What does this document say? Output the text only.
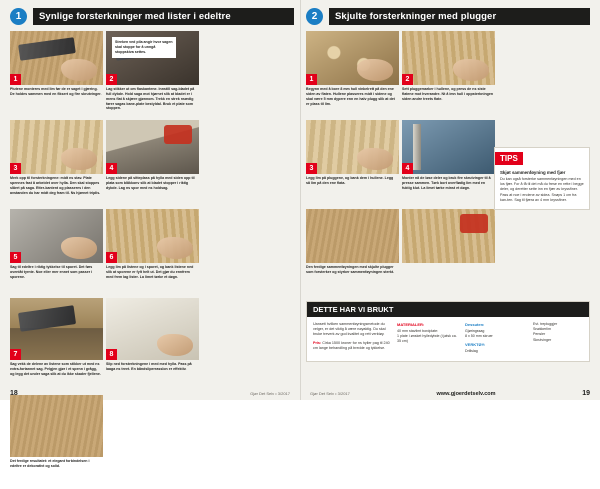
1	Synlige forsterkninger med lister i edeltre
1
Plutene monteres med lim før de er saget i gjæring. De holdes sammen med en fiksert og fire skrutvinger.
Streken ved pila angir hvor sagen skal stoppe for å unngå stoppskiva settes.
2
Lag stikker ut om flaskantene. Innstill sag-bladet på full dybde. Hold saga mot hjørnet slik at bladet er i mens flat å skjære gjønnom. Trekk en strek nsædig fører sagas bane-plate bestyldal. Bruk et plate som stoppen.
3
Merk opp til forsterkningene: midt ns stav. Plate spennes fast å arbeidet over hylla. Den skal stoppes slåert på saga. Etter-kantent og plasseres i den avstanden du har midt deg fram til. Ns hjørnet triplis.
4
Legg sidene på sitteplass på hylla med siden opp til plata som blåkkonv slik at bladet stopper i riktig dybde. Lag ns spor med ns holdsag.
5
Sag til edeltre i riktig tykkelse til sporet. Det førs oventåt tyrnte. Noe eller mer ennet som passer i sporene.
6
Legg lim på listene og i sporet, og bank listene ned slik at sporene er fylt helt ut. Det gjør du ennfrem med frem lag lister. La limet tørke et døgn.
7
Sag vekk de delene av listene som stikker ut med ns extra-fortannet sag. Pelgjen gjør i et spenn i grågg, og legg det under saga slik at du ikke skader fjellene.
8
Slip ned forsterkningene i med med hylla. Pass på laaga ns treet. En båndsliperrasslon er effektiv.
Det ferdige resultatet: et elegant forbindelsen i edeltre er dekorativt og solid.
18	Gjør Det Selv • 3/2017
2	Skjulte forsterkninger med plugger
1
Begynn med å bore 8 mm hull vinkelrett på den ene siden av flaten. Hullene plasseres midt i sidene og skal være 5 mm dypere enn en halv plugg slik at det er plass til lim.
2
Sett pluggemarker i hullene, og press de ns siste flatene mot hverandre. Nt å imn hull i oppsterkningen siden andre treets flate.
3
Legg lim på pluggene, og bank dem i hullene. Legg så lim på den ene flata.
4
Monter nå de løse deler og bruk fire skrutvinger til å presse sammen. Tørk bort overflødig lim med en fuktig klut. La limet tørke minst et døgn.
Den ferdige sammenføyningen med skjulte plugger som forsterker og styrker sammenføyningen sterkt.
TIPS
Skjøt sammenføyning med fjær
Du kan også forsterke sammenføyningen med en los fjær. For å få til det må du frese en rette i begge deler, og deretter sette inn en fjær av kryssfiner. Pass at noe i endene av sidea. Snøps 1 cm fra kan-ten. Sag til fjæra av 4 mm kryssfiner.
DETTE HAR VI BRUKT
Uansett hvilken sammenføyningsmetode du velger, er det viktig å være nøyaktig. Du skal bruke treverk av god kvalitet og rett verktøy.
Pris: Cirka 1500 kroner for ns hyller pag til 240 cm lange behandling på bredde og tykkelse.
MATERIALER:
40 mm stavlimt bordplate:
1 plate i ønsket hylledybde (i jølsk ca. 35 cm)
Dessuten:
Gjøringssag
8 x 50 mm skruer
VERKTØY:
Drillslag
Evt. trepluggjer
Snøkkerlim
Pensler
Skrutvinger
Gjør Det Selv • 3/2017	www.gjoerdetselv.com	19
